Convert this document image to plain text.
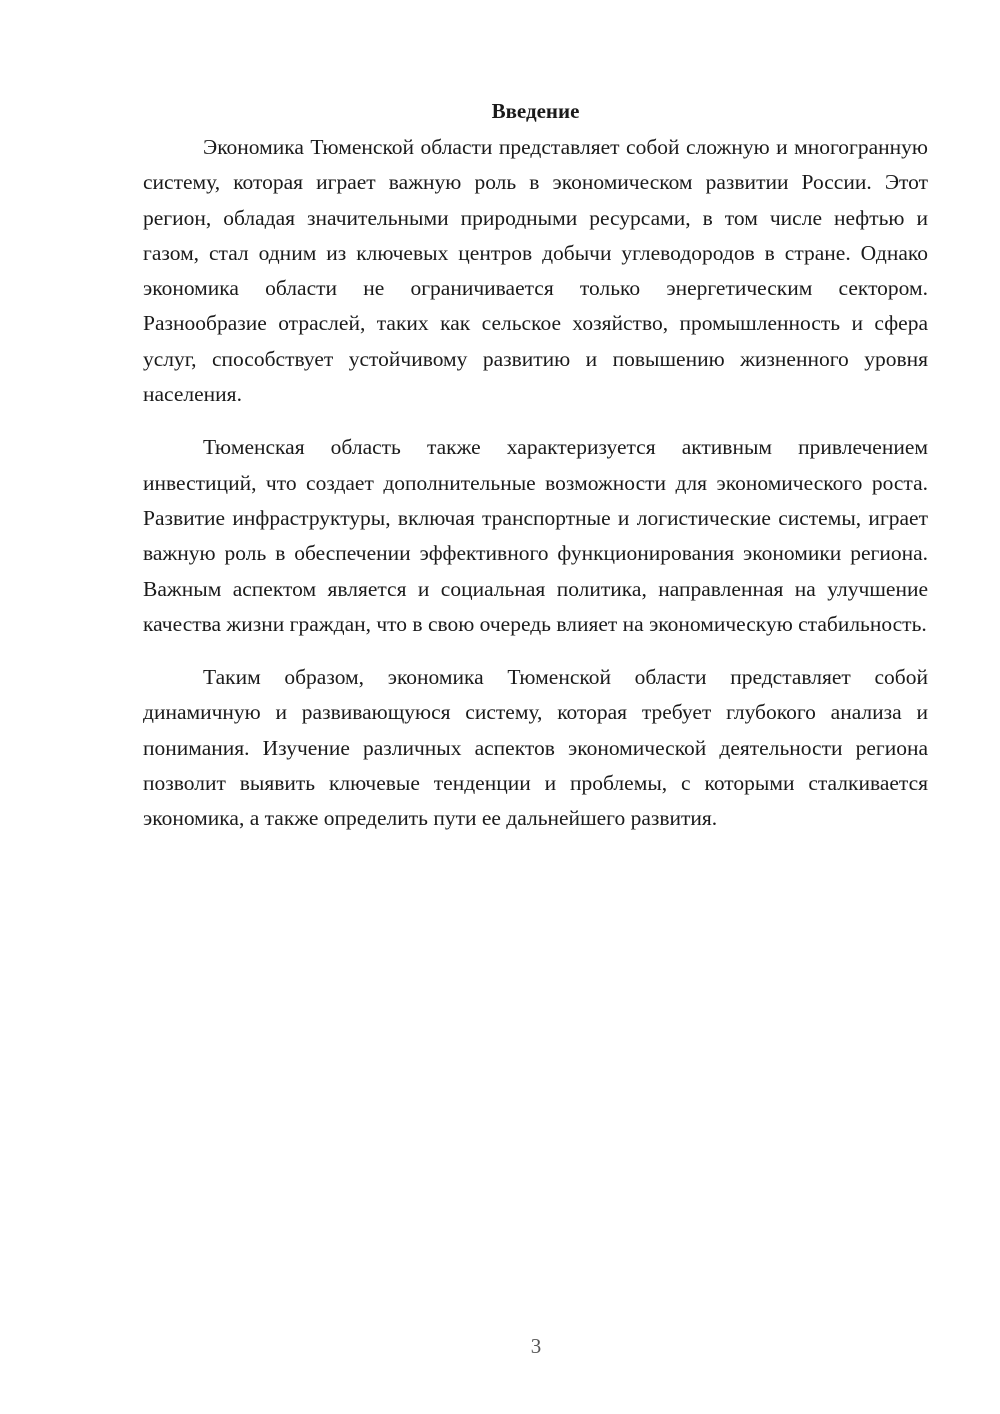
Введение

Экономика Тюменской области представляет собой сложную и многогранную систему, которая играет важную роль в экономическом развитии России. Этот регион, обладая значительными природными ресурсами, в том числе нефтью и газом, стал одним из ключевых центров добычи углеводородов в стране. Однако экономика области не ограничивается только энергетическим сектором. Разнообразие отраслей, таких как сельское хозяйство, промышленность и сфера услуг, способствует устойчивому развитию и повышению жизненного уровня населения.

Тюменская область также характеризуется активным привлечением инвестиций, что создает дополнительные возможности для экономического роста. Развитие инфраструктуры, включая транспортные и логистические системы, играет важную роль в обеспечении эффективного функционирования экономики региона. Важным аспектом является и социальная политика, направленная на улучшение качества жизни граждан, что в свою очередь влияет на экономическую стабильность.

Таким образом, экономика Тюменской области представляет собой динамичную и развивающуюся систему, которая требует глубокого анализа и понимания. Изучение различных аспектов экономической деятельности региона позволит выявить ключевые тенденции и проблемы, с которыми сталкивается экономика, а также определить пути ее дальнейшего развития.

3
